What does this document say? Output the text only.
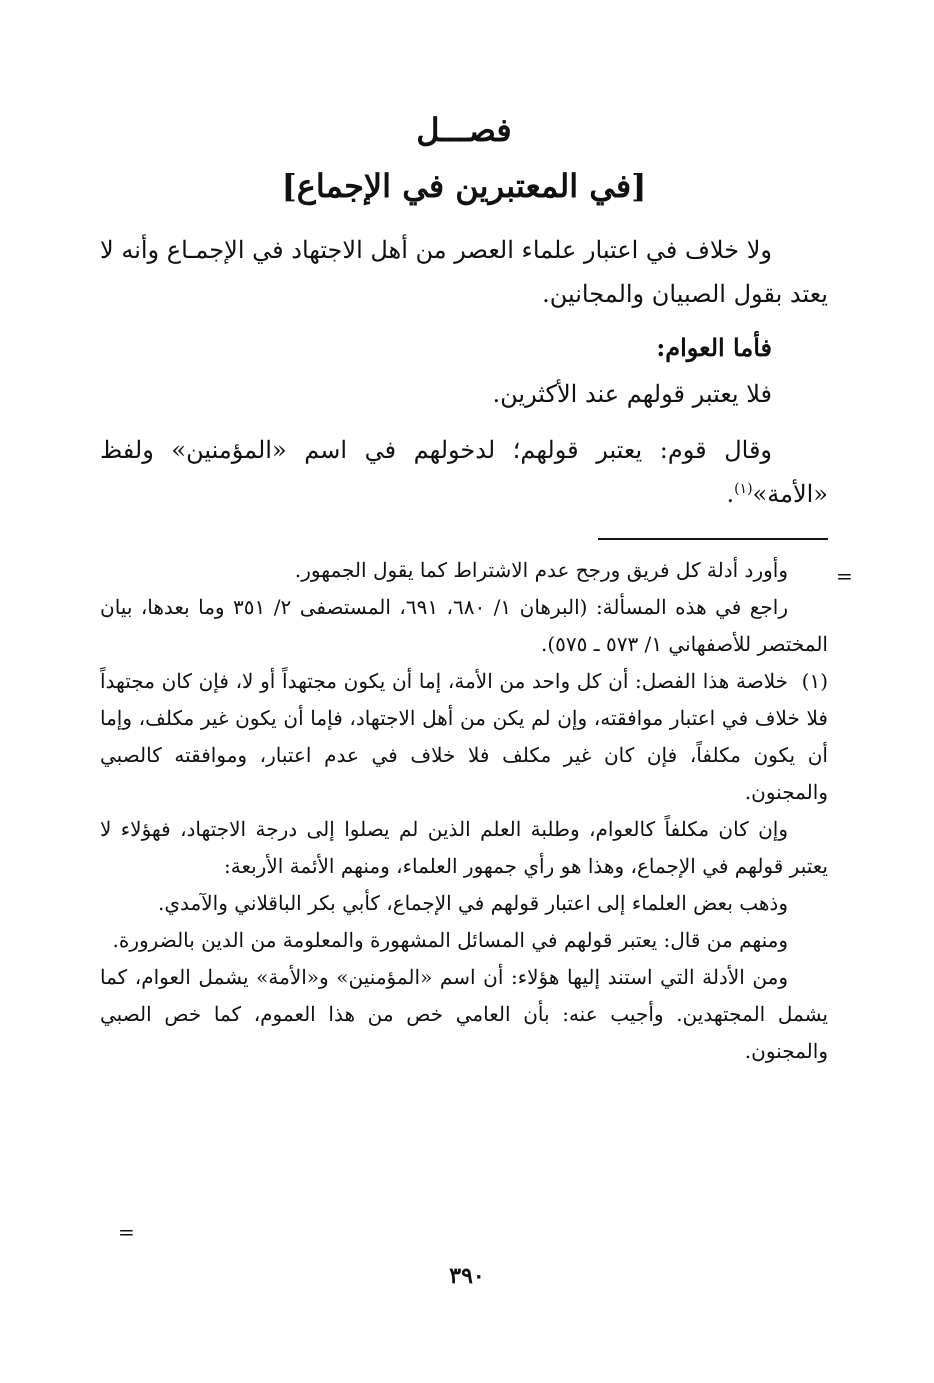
فصـــل
[في المعتبرين في الإجماع]

ولا خلاف في اعتبار علماء العصر من أهل الاجتهاد في الإجمـاع وأنه لا يعتد بقول الصبيان والمجانين.

فأما العوام:

فلا يعتبر قولهم عند الأكثرين.

وقال قوم: يعتبر قولهم؛ لدخولهم في اسم «المؤمنين» ولفظ «الأمة»$^{(١)}$.

وأورد أدلة كل فريق ورجح عدم الاشتراط كما يقول الجمهور.

راجع في هذه المسألة: (البرهان ١/ ٦٨٠، ٦٩١، المستصفى ٢/ ٣٥١ وما بعدها، بيان المختصر للأصفهاني ١/ ٥٧٣ ـ ٥٧٥).

(١)خلاصة هذا الفصل: أن كل واحد من الأمة، إما أن يكون مجتهداً أو لا، فإن كان مجتهداً فلا خلاف في اعتبار موافقته، وإن لم يكن من أهل الاجتهاد، فإما أن يكون غير مكلف، وإما أن يكون مكلفاً، فإن كان غير مكلف فلا خلاف في عدم اعتبار، وموافقته كالصبي والمجنون.

وإن كان مكلفاً كالعوام، وطلبة العلم الذين لم يصلوا إلى درجة الاجتهاد، فهؤلاء لا يعتبر قولهم في الإجماع، وهذا هو رأي جمهور العلماء، ومنهم الأئمة الأربعة:

وذهب بعض العلماء إلى اعتبار قولهم في الإجماع، كأبي بكر الباقلاني والآمدي.

ومنهم من قال: يعتبر قولهم في المسائل المشهورة والمعلومة من الدين بالضرورة.

ومن الأدلة التي استند إليها هؤلاء: أن اسم «المؤمنين» و«الأمة» يشمل العوام، كما يشمل المجتهدين. وأجيب عنه: بأن العامي خص من هذا العموم، كما خص الصبي والمجنون.

=
=
٣٩٠
